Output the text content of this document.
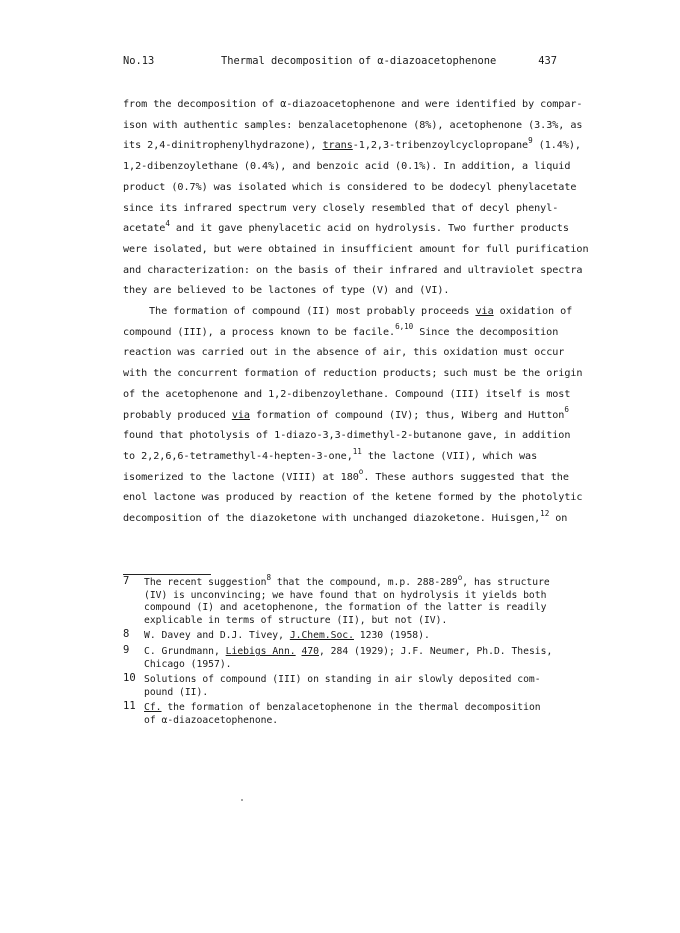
No.13	Thermal decomposition of α-diazoacetophenone	437

from the decomposition of α-diazoacetophenone and were identified by compar-

ison with authentic samples: benzalacetophenone (8%), acetophenone (3.3%, as

its 2,4-dinitrophenylhydrazone), trans-1,2,3-tribenzoylcyclopropane$^9$ (1.4%),

1,2-dibenzoylethane (0.4%), and benzoic acid (0.1%). In addition, a liquid

product (0.7%) was isolated which is considered to be dodecyl phenylacetate

since its infrared spectrum very closely resembled that of decyl phenyl-

acetate$^4$ and it gave phenylacetic acid on hydrolysis. Two further products

were isolated, but were obtained in insufficient amount for full purification

and characterization: on the basis of their infrared and ultraviolet spectra

they are believed to be lactones of type (V) and (VI).

The formation of compound (II) most probably proceeds via oxidation of

compound (III), a process known to be facile.$^{6,10}$ Since the decomposition

reaction was carried out in the absence of air, this oxidation must occur

with the concurrent formation of reduction products; such must be the origin

of the acetophenone and 1,2-dibenzoylethane. Compound (III) itself is most

probably produced via formation of compound (IV); thus, Wiberg and Hutton$^6$

found that photolysis of 1-diazo-3,3-dimethyl-2-butanone gave, in addition

to 2,2,6,6-tetramethyl-4-hepten-3-one,$^{11}$ the lactone (VII), which was

isomerized to the lactone (VIII) at 180$^o$. These authors suggested that the

enol lactone was produced by reaction of the ketene formed by the photolytic

decomposition of the diazoketone with unchanged diazoketone. Huisgen,$^{12}$ on

7 The recent suggestion$^8$ that the compound, m.p. 288-289$^o$, has structure
(IV) is unconvincing; we have found that on hydrolysis it yields both
compound (I) and acetophenone, the formation of the latter is readily
explicable in terms of structure (II), but not (IV).
8 W. Davey and D.J. Tivey, J.Chem.Soc. 1230 (1958).
9 C. Grundmann, Liebigs Ann. 470, 284 (1929); J.F. Neumer, Ph.D. Thesis,
Chicago (1957).
10 Solutions of compound (III) on standing in air slowly deposited com-
pound (II).
11 Cf. the formation of benzalacetophenone in the thermal decomposition
of α-diazoacetophenone.
